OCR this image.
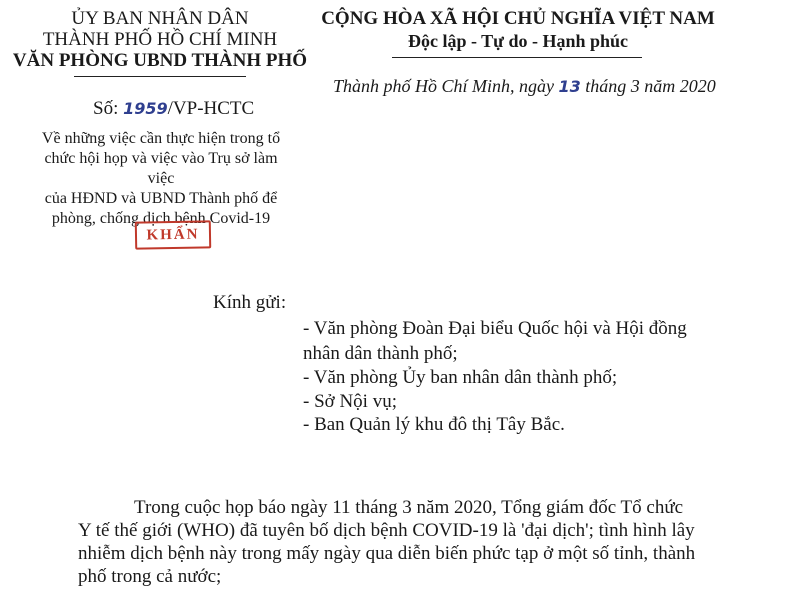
ỦY BAN NHÂN DÂN
THÀNH PHỐ HỒ CHÍ MINH
VĂN PHÒNG UBND THÀNH PHỐ
Số: 1959/VP-HCTC
Về những việc cần thực hiện trong tổ
chức hội họp và việc vào Trụ sở làm việc
của HĐND và UBND Thành phố để
phòng, chống dịch bệnh Covid-19
KHẨN
CỘNG HÒA XÃ HỘI CHỦ NGHĨA VIỆT NAM
Độc lập - Tự do - Hạnh phúc
Thành phố Hồ Chí Minh, ngày 13 tháng 3 năm 2020
Kính gửi:
- Văn phòng Đoàn Đại biểu Quốc hội và Hội đồng
nhân dân thành phố;
- Văn phòng Ủy ban nhân dân thành phố;
- Sở Nội vụ;
- Ban Quản lý khu đô thị Tây Bắc.
Trong cuộc họp báo ngày 11 tháng 3 năm 2020, Tổng giám đốc Tổ chức
Y tế thế giới (WHO) đã tuyên bố dịch bệnh COVID-19 là 'đại dịch'; tình hình lây
nhiễm dịch bệnh này trong mấy ngày qua diễn biến phức tạp ở một số tỉnh, thành
phố trong cả nước;
